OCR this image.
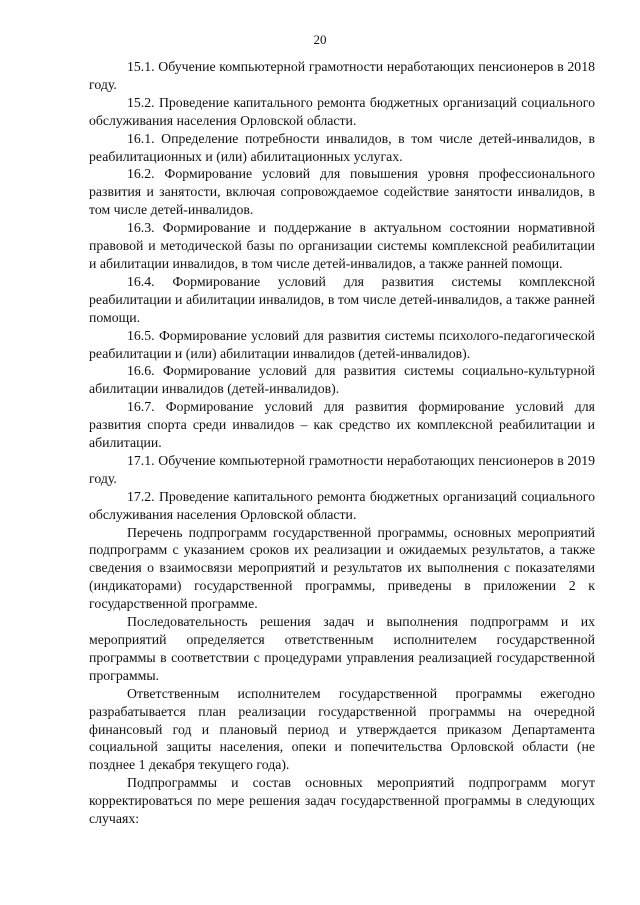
20

15.1. Обучение компьютерной грамотности неработающих пенсионеров в 2018 году.

15.2. Проведение капитального ремонта бюджетных организаций социального обслуживания населения Орловской области.

16.1. Определение потребности инвалидов, в том числе детей-инвалидов, в реабилитационных и (или) абилитационных услугах.

16.2. Формирование условий для повышения уровня профессионального развития и занятости, включая сопровождаемое содействие занятости инвалидов, в том числе детей-инвалидов.

16.3. Формирование и поддержание в актуальном состоянии нормативной правовой и методической базы по организации системы комплексной реабилитации и абилитации инвалидов, в том числе детей-инвалидов, а также ранней помощи.

16.4. Формирование условий для развития системы комплексной реабилитации и абилитации инвалидов, в том числе детей-инвалидов, а также ранней помощи.

16.5. Формирование условий для развития системы психолого-педагогической реабилитации и (или) абилитации инвалидов (детей-инвалидов).

16.6. Формирование условий для развития системы социально-культурной абилитации инвалидов (детей-инвалидов).

16.7. Формирование условий для развития формирование условий для развития спорта среди инвалидов – как средство их комплексной реабилитации и абилитации.

17.1. Обучение компьютерной грамотности неработающих пенсионеров в 2019 году.

17.2. Проведение капитального ремонта бюджетных организаций социального обслуживания населения Орловской области.

Перечень подпрограмм государственной программы, основных мероприятий подпрограмм с указанием сроков их реализации и ожидаемых результатов, а также сведения о взаимосвязи мероприятий и результатов их выполнения с показателями (индикаторами) государственной программы, приведены в приложении 2 к государственной программе.

Последовательность решения задач и выполнения подпрограмм и их мероприятий определяется ответственным исполнителем государственной программы в соответствии с процедурами управления реализацией государственной программы.

Ответственным исполнителем государственной программы ежегодно разрабатывается план реализации государственной программы на очередной финансовый год и плановый период и утверждается приказом Департамента социальной защиты населения, опеки и попечительства Орловской области (не позднее 1 декабря текущего года).

Подпрограммы и состав основных мероприятий подпрограмм могут корректироваться по мере решения задач государственной программы в следующих случаях:
